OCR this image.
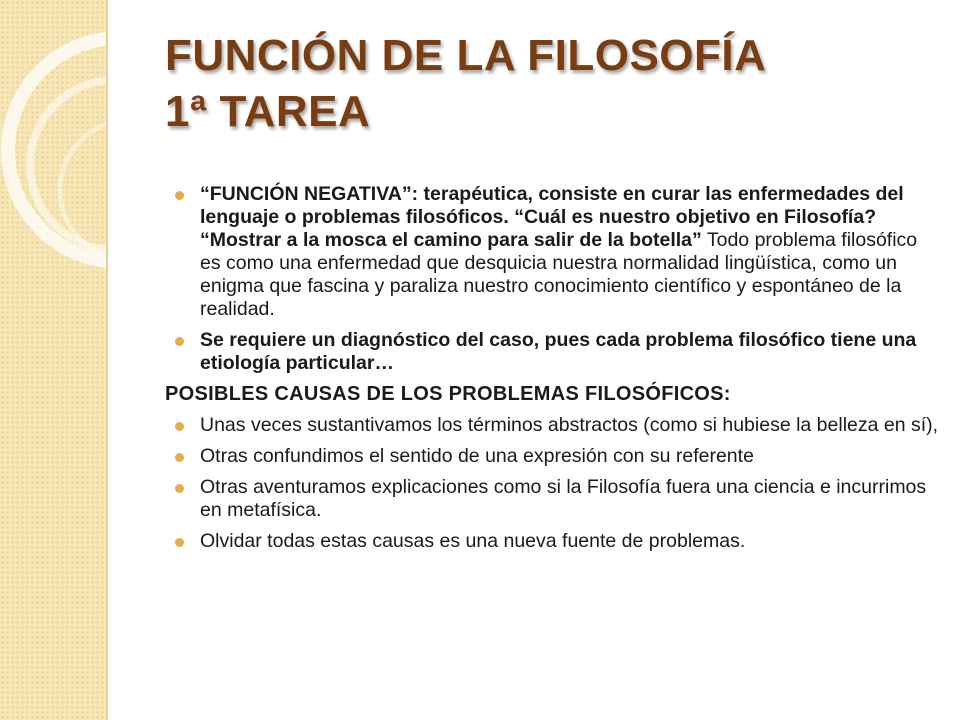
FUNCIÓN DE LA FILOSOFÍA
1ª TAREA
“FUNCIÓN NEGATIVA”: terapéutica, consiste en curar las enfermedades del lenguaje o problemas filosóficos. “Cuál es nuestro objetivo en Filosofía? “Mostrar a la mosca el camino para salir de la botella” Todo problema filosófico es como una enfermedad que desquicia nuestra normalidad lingüística, como un enigma que fascina y paraliza nuestro conocimiento científico y espontáneo de la realidad.
Se requiere un diagnóstico del caso, pues cada problema filosófico tiene una etiología particular…
POSIBLES CAUSAS DE LOS PROBLEMAS FILOSÓFICOS:
Unas veces sustantivamos los términos abstractos (como si hubiese la belleza en sí),
Otras confundimos el sentido de una expresión con su referente
Otras aventuramos explicaciones como si la Filosofía fuera una ciencia e incurrimos en metafísica.
Olvidar todas estas causas es una nueva fuente de problemas.
